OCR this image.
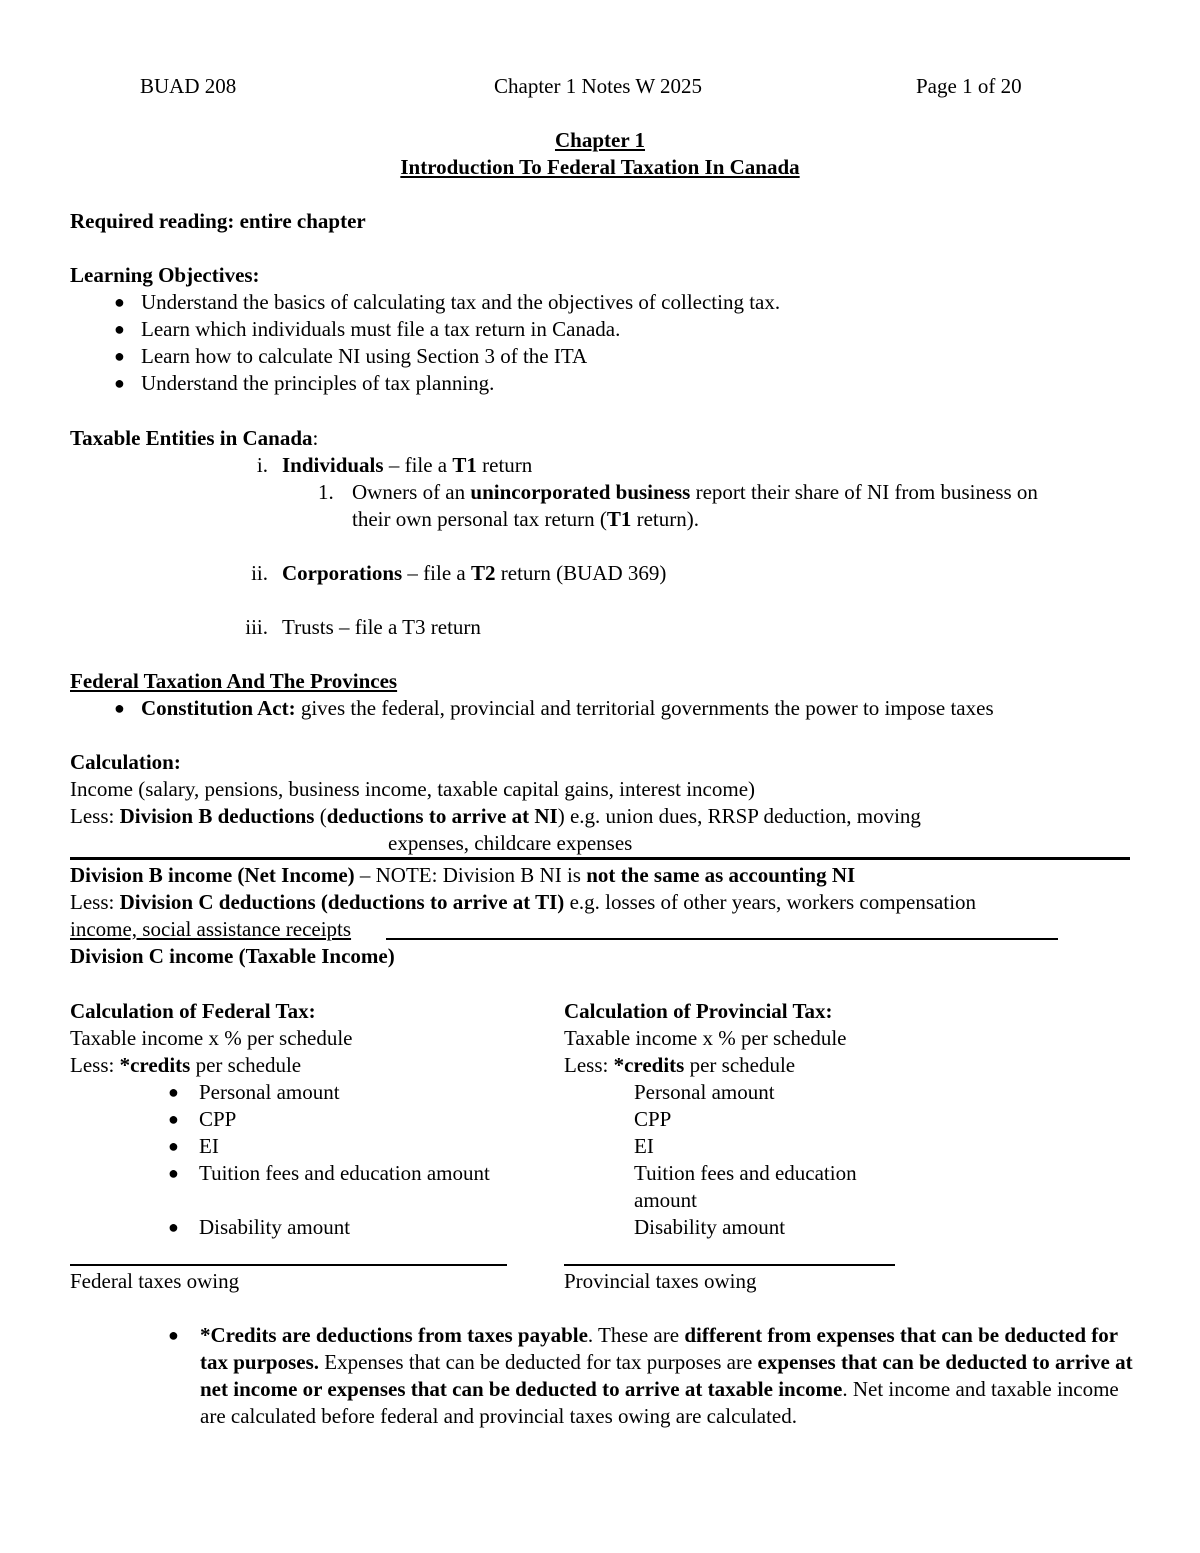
BUAD 208	Chapter 1 Notes W 2025	Page 1 of 20
Chapter 1
Introduction To Federal Taxation In Canada
Required reading: entire chapter
Learning Objectives:
● Understand the basics of calculating tax and the objectives of collecting tax.
● Learn which individuals must file a tax return in Canada.
● Learn how to calculate NI using Section 3 of the ITA
● Understand the principles of tax planning.
Taxable Entities in Canada:
i. Individuals – file a T1 return
1. Owners of an unincorporated business report their share of NI from business on
their own personal tax return (T1 return).
ii. Corporations – file a T2 return (BUAD 369)
iii. Trusts – file a T3 return
Federal Taxation And The Provinces
● Constitution Act: gives the federal, provincial and territorial governments the power to impose taxes
Calculation:
Income (salary, pensions, business income, taxable capital gains, interest income)
Less: Division B deductions (deductions to arrive at NI) e.g. union dues, RRSP deduction, moving
expenses, childcare expenses
Division B income (Net Income) – NOTE: Division B NI is not the same as accounting NI
Less: Division C deductions (deductions to arrive at TI) e.g. losses of other years, workers compensation
income, social assistance receipts
Division C income (Taxable Income)
Calculation of Federal Tax:
Taxable income x % per schedule
Less: *credits per schedule
● Personal amount
● CPP
● EI
● Tuition fees and education amount
● Disability amount
Federal taxes owing
Calculation of Provincial Tax:
Taxable income x % per schedule
Less: *credits per schedule
Personal amount
CPP
EI
Tuition fees and education
amount
Disability amount
Provincial taxes owing
● *Credits are deductions from taxes payable. These are different from expenses that can be deducted for tax purposes. Expenses that can be deducted for tax purposes are expenses that can be deducted to arrive at net income or expenses that can be deducted to arrive at taxable income. Net income and taxable income are calculated before federal and provincial taxes owing are calculated.
